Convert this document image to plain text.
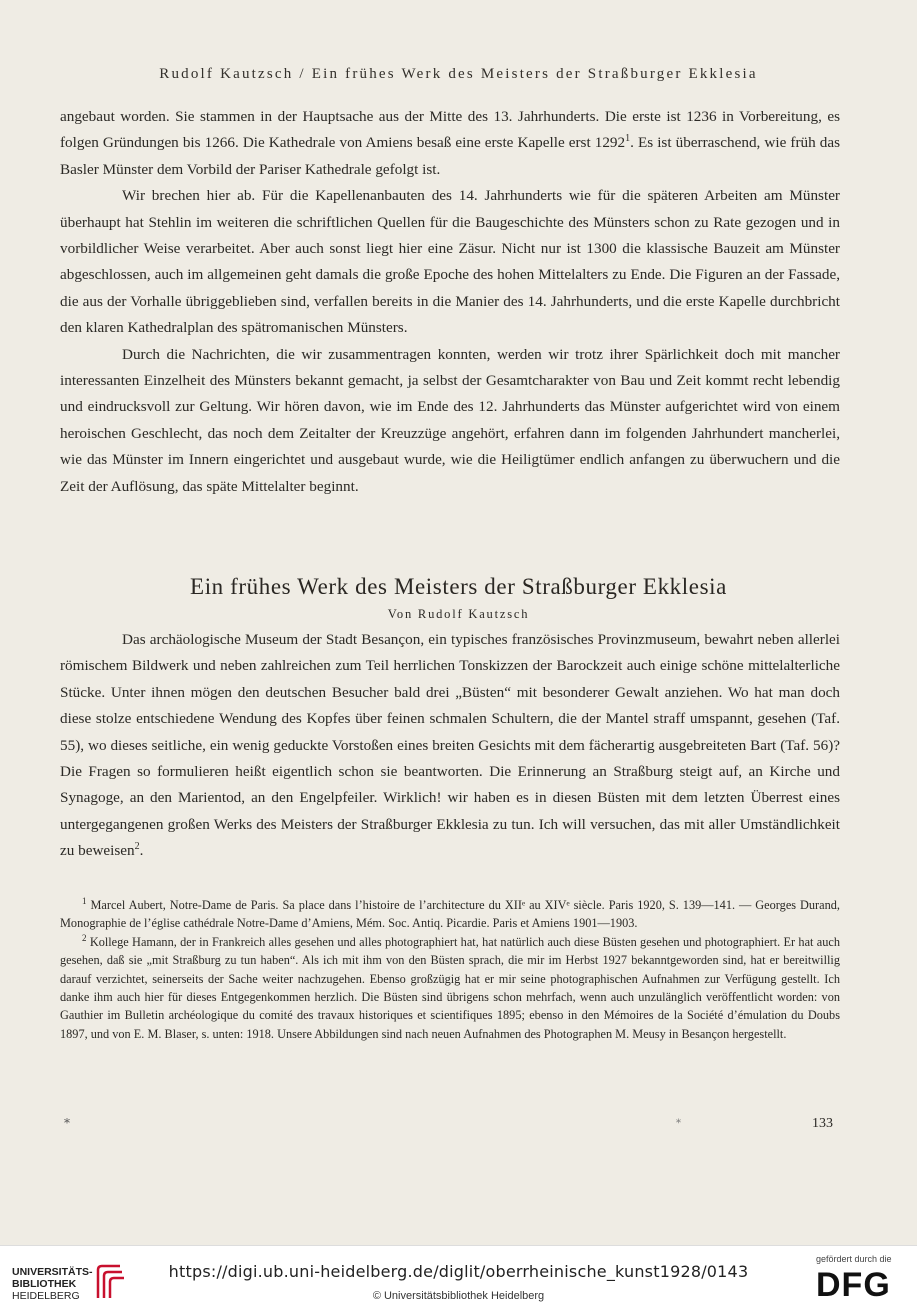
Rudolf Kautzsch / Ein frühes Werk des Meisters der Straßburger Ekklesia

angebaut worden. Sie stammen in der Hauptsache aus der Mitte des 13. Jahrhunderts. Die erste ist 1236 in Vorbereitung, es folgen Gründungen bis 1266. Die Kathedrale von Amiens besaß eine erste Kapelle erst 1292$^1$. Es ist überraschend, wie früh das Basler Münster dem Vorbild der Pariser Kathedrale gefolgt ist.

Wir brechen hier ab. Für die Kapellenanbauten des 14. Jahrhunderts wie für die späteren Arbeiten am Münster überhaupt hat Stehlin im weiteren die schriftlichen Quellen für die Baugeschichte des Münsters schon zu Rate gezogen und in vorbildlicher Weise verarbeitet. Aber auch sonst liegt hier eine Zäsur. Nicht nur ist 1300 die klassische Bauzeit am Münster abgeschlossen, auch im allgemeinen geht damals die große Epoche des hohen Mittelalters zu Ende. Die Figuren an der Fassade, die aus der Vorhalle übriggeblieben sind, verfallen bereits in die Manier des 14. Jahrhunderts, und die erste Kapelle durchbricht den klaren Kathedralplan des spätromanischen Münsters.

Durch die Nachrichten, die wir zusammentragen konnten, werden wir trotz ihrer Spärlichkeit doch mit mancher interessanten Einzelheit des Münsters bekannt gemacht, ja selbst der Gesamtcharakter von Bau und Zeit kommt recht lebendig und eindrucksvoll zur Geltung. Wir hören davon, wie im Ende des 12. Jahrhunderts das Münster aufgerichtet wird von einem heroischen Geschlecht, das noch dem Zeitalter der Kreuzzüge angehört, erfahren dann im folgenden Jahrhundert mancherlei, wie das Münster im Innern eingerichtet und ausgebaut wurde, wie die Heiligtümer endlich anfangen zu überwuchern und die Zeit der Auflösung, das späte Mittelalter beginnt.

Ein frühes Werk des Meisters der Straßburger Ekklesia
Von Rudolf Kautzsch

Das archäologische Museum der Stadt Besançon, ein typisches französisches Provinzmuseum, bewahrt neben allerlei römischem Bildwerk und neben zahlreichen zum Teil herrlichen Tonskizzen der Barockzeit auch einige schöne mittelalterliche Stücke. Unter ihnen mögen den deutschen Besucher bald drei „Büsten“ mit besonderer Gewalt anziehen. Wo hat man doch diese stolze entschiedene Wendung des Kopfes über feinen schmalen Schultern, die der Mantel straff umspannt, gesehen (Taf. 55), wo dieses seitliche, ein wenig geduckte Vorstoßen eines breiten Gesichts mit dem fächerartig ausgebreiteten Bart (Taf. 56)? Die Fragen so formulieren heißt eigentlich schon sie beantworten. Die Erinnerung an Straßburg steigt auf, an Kirche und Synagoge, an den Marientod, an den Engelpfeiler. Wirklich! wir haben es in diesen Büsten mit dem letzten Überrest eines untergegangenen großen Werks des Meisters der Straßburger Ekklesia zu tun. Ich will versuchen, das mit aller Umständlichkeit zu beweisen$^2$.

$^1$ Marcel Aubert, Notre-Dame de Paris. Sa place dans l’histoire de l’architecture du XIIᵉ au XIVᵉ siècle. Paris 1920, S. 139—141. — Georges Durand, Monographie de l’église cathédrale Notre-Dame d’Amiens, Mém. Soc. Antiq. Picardie. Paris et Amiens 1901—1903.

$^2$ Kollege Hamann, der in Frankreich alles gesehen und alles photographiert hat, hat natürlich auch diese Büsten gesehen und photographiert. Er hat auch gesehen, daß sie „mit Straßburg zu tun haben“. Als ich mit ihm von den Büsten sprach, die mir im Herbst 1927 bekanntgeworden sind, hat er bereitwillig darauf verzichtet, seinerseits der Sache weiter nachzugehen. Ebenso großzügig hat er mir seine photographischen Aufnahmen zur Verfügung gestellt. Ich danke ihm auch hier für dieses Entgegenkommen herzlich. Die Büsten sind übrigens schon mehrfach, wenn auch unzulänglich veröffentlicht worden: von Gauthier im Bulletin archéologique du comité des travaux historiques et scientifiques 1895; ebenso in den Mémoires de la Société d’émulation du Doubs 1897, und von E. M. Blaser, s. unten: 1918. Unsere Abbildungen sind nach neuen Aufnahmen des Photographen M. Meusy in Besançon hergestellt.

*	*	133
UNIVERSITÄTS-
BIBLIOTHEK
HEIDELBERG
https://digi.ub.uni-heidelberg.de/diglit/oberrheinische_kunst1928/0143
© Universitätsbibliothek Heidelberg
gefördert durch die
DFG
